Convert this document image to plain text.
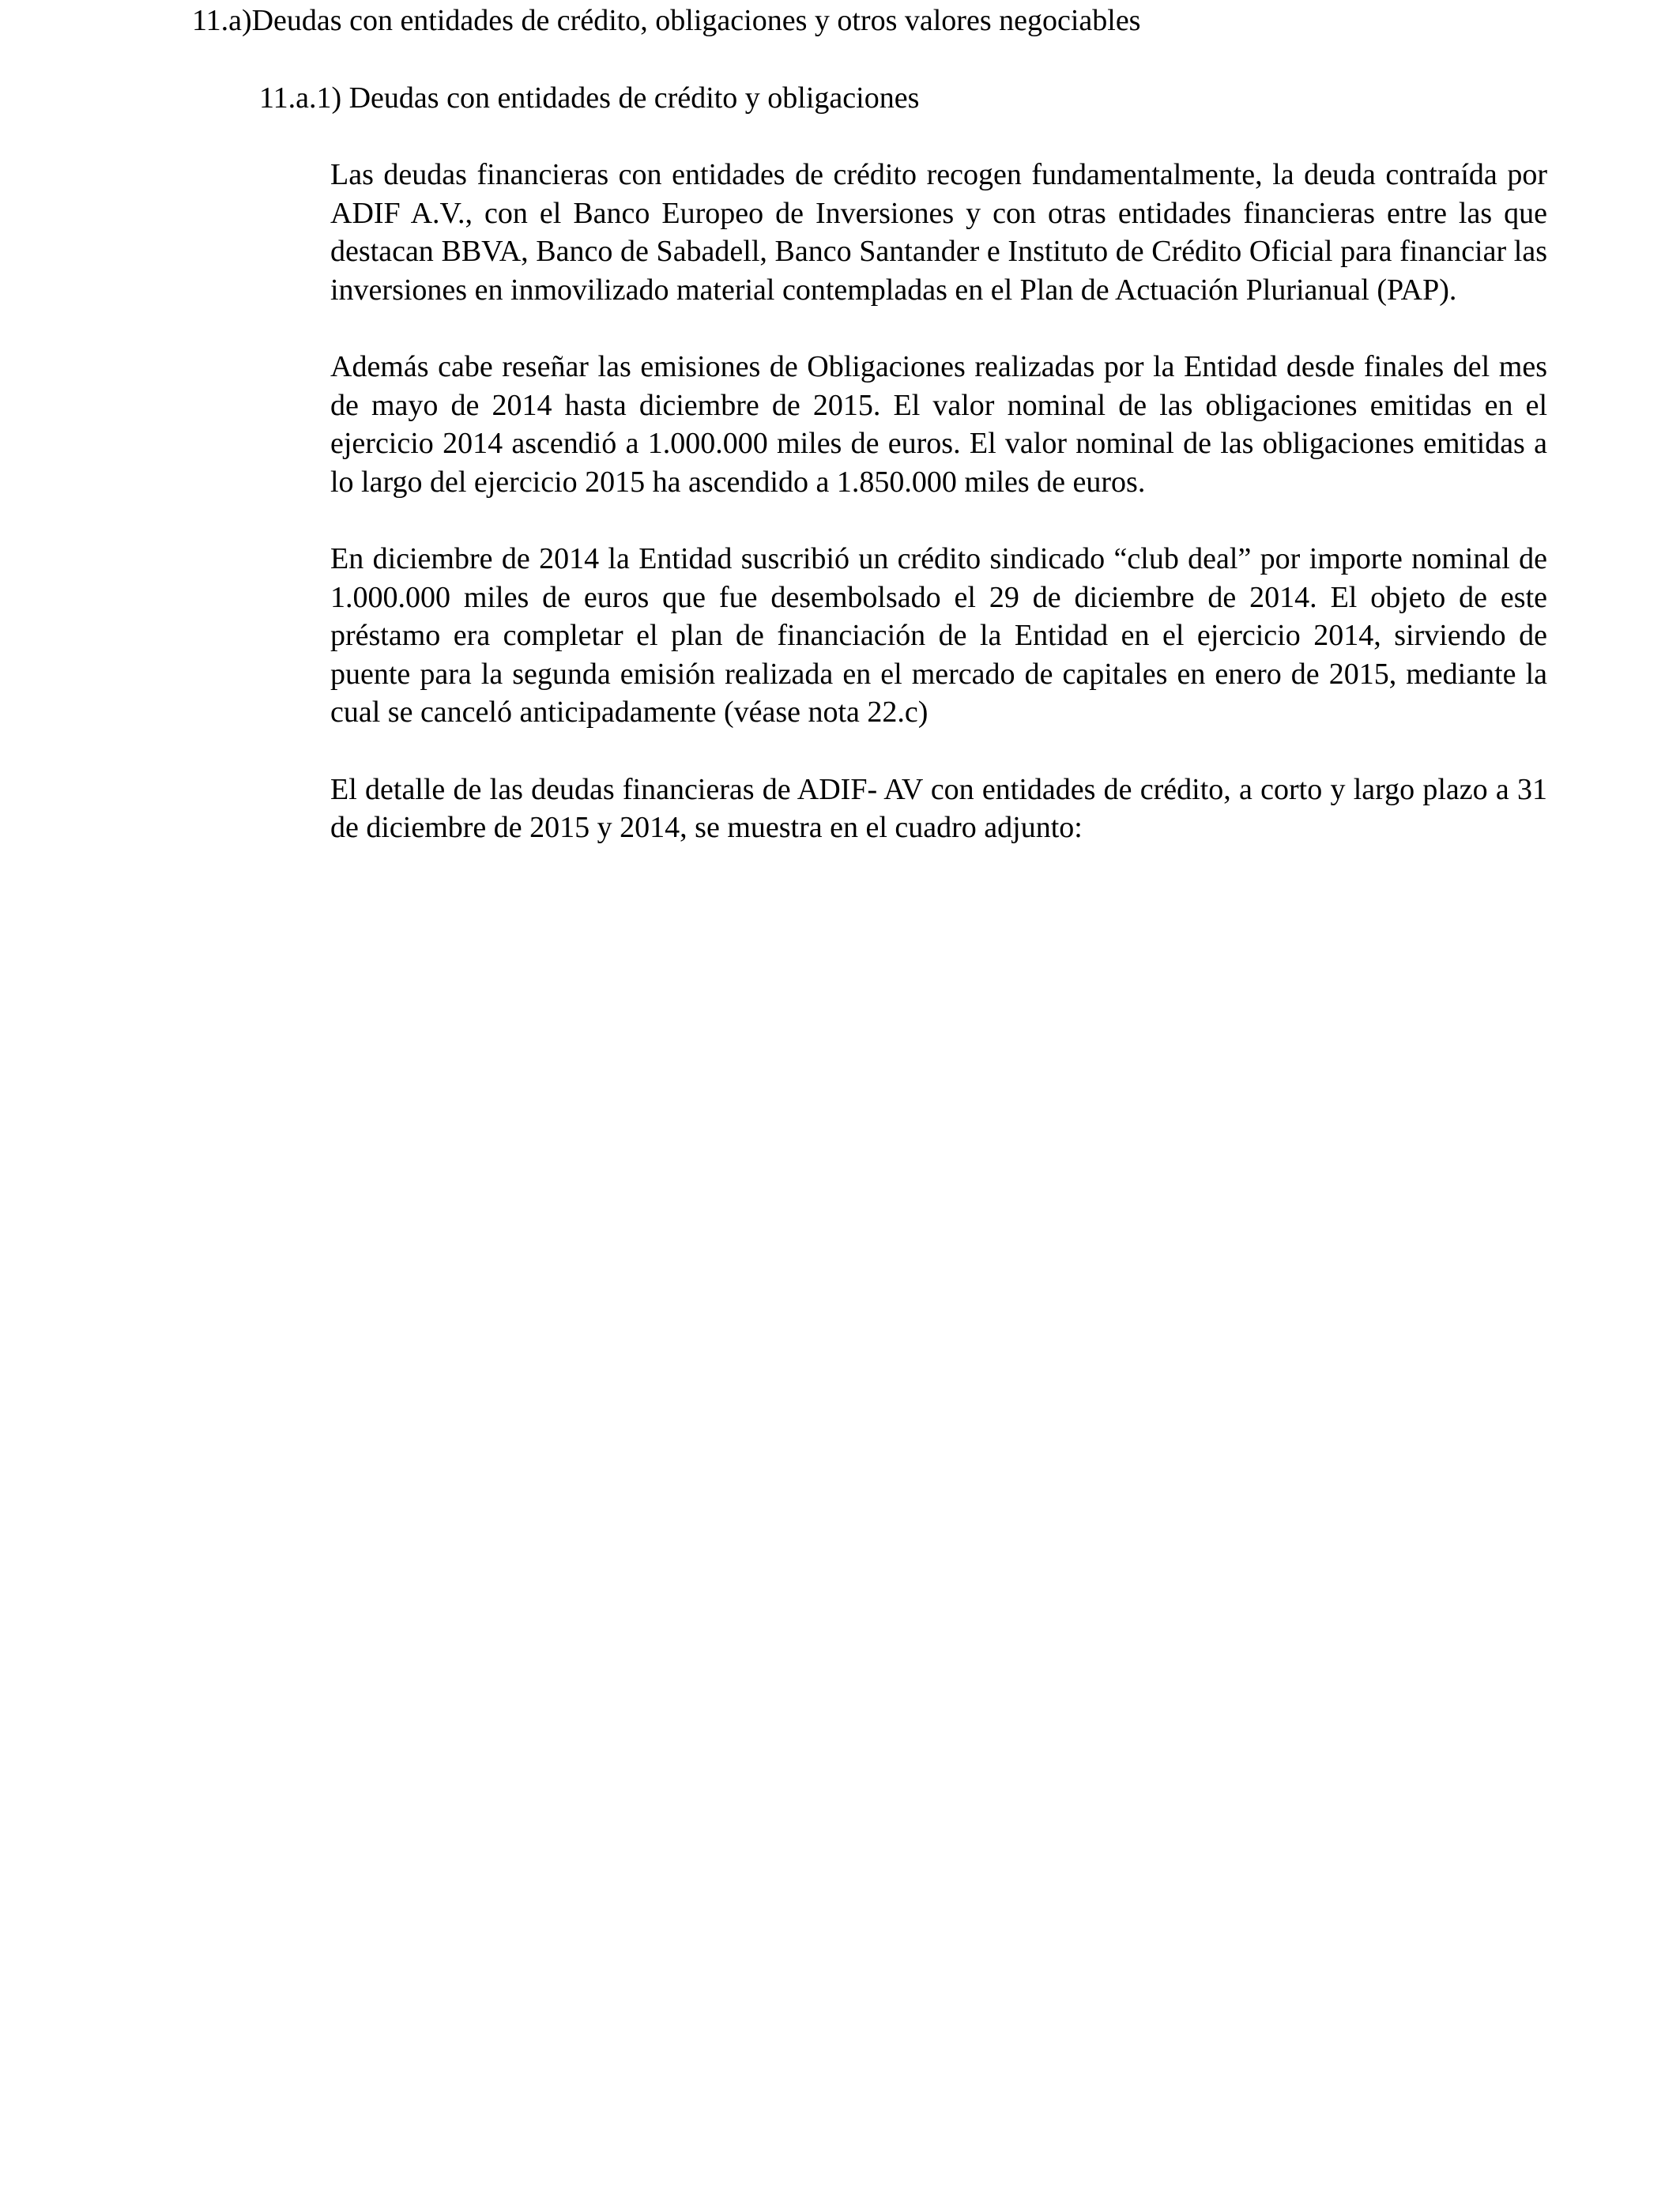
11.a)Deudas con entidades de crédito, obligaciones y otros valores negociables
11.a.1) Deudas con entidades de crédito y obligaciones

Las deudas financieras con entidades de crédito recogen fundamentalmente, la deuda contraída por ADIF A.V., con el Banco Europeo de Inversiones y con otras entidades financieras entre las que destacan BBVA, Banco de Sabadell, Banco Santander e Instituto de Crédito Oficial para financiar las inversiones en inmovilizado material contempladas en el Plan de Actuación Plurianual (PAP).

Además cabe reseñar las emisiones de Obligaciones realizadas por la Entidad desde finales del mes de mayo de 2014 hasta diciembre de 2015. El valor nominal de las obligaciones emitidas en el ejercicio 2014 ascendió a 1.000.000 miles de euros. El valor nominal de las obligaciones emitidas a lo largo del ejercicio 2015 ha ascendido a 1.850.000 miles de euros.

En diciembre de 2014 la Entidad suscribió un crédito sindicado “club deal” por importe nominal de 1.000.000 miles de euros que fue desembolsado el 29 de diciembre de 2014. El objeto de este préstamo era completar el plan de financiación de la Entidad en el ejercicio 2014, sirviendo de puente para la segunda emisión realizada en el mercado de capitales en enero de 2015, mediante la cual se canceló anticipadamente (véase nota 22.c)

El detalle de las deudas financieras de ADIF- AV con entidades de crédito, a corto y largo plazo a 31 de diciembre de 2015 y 2014, se muestra en el cuadro adjunto:
